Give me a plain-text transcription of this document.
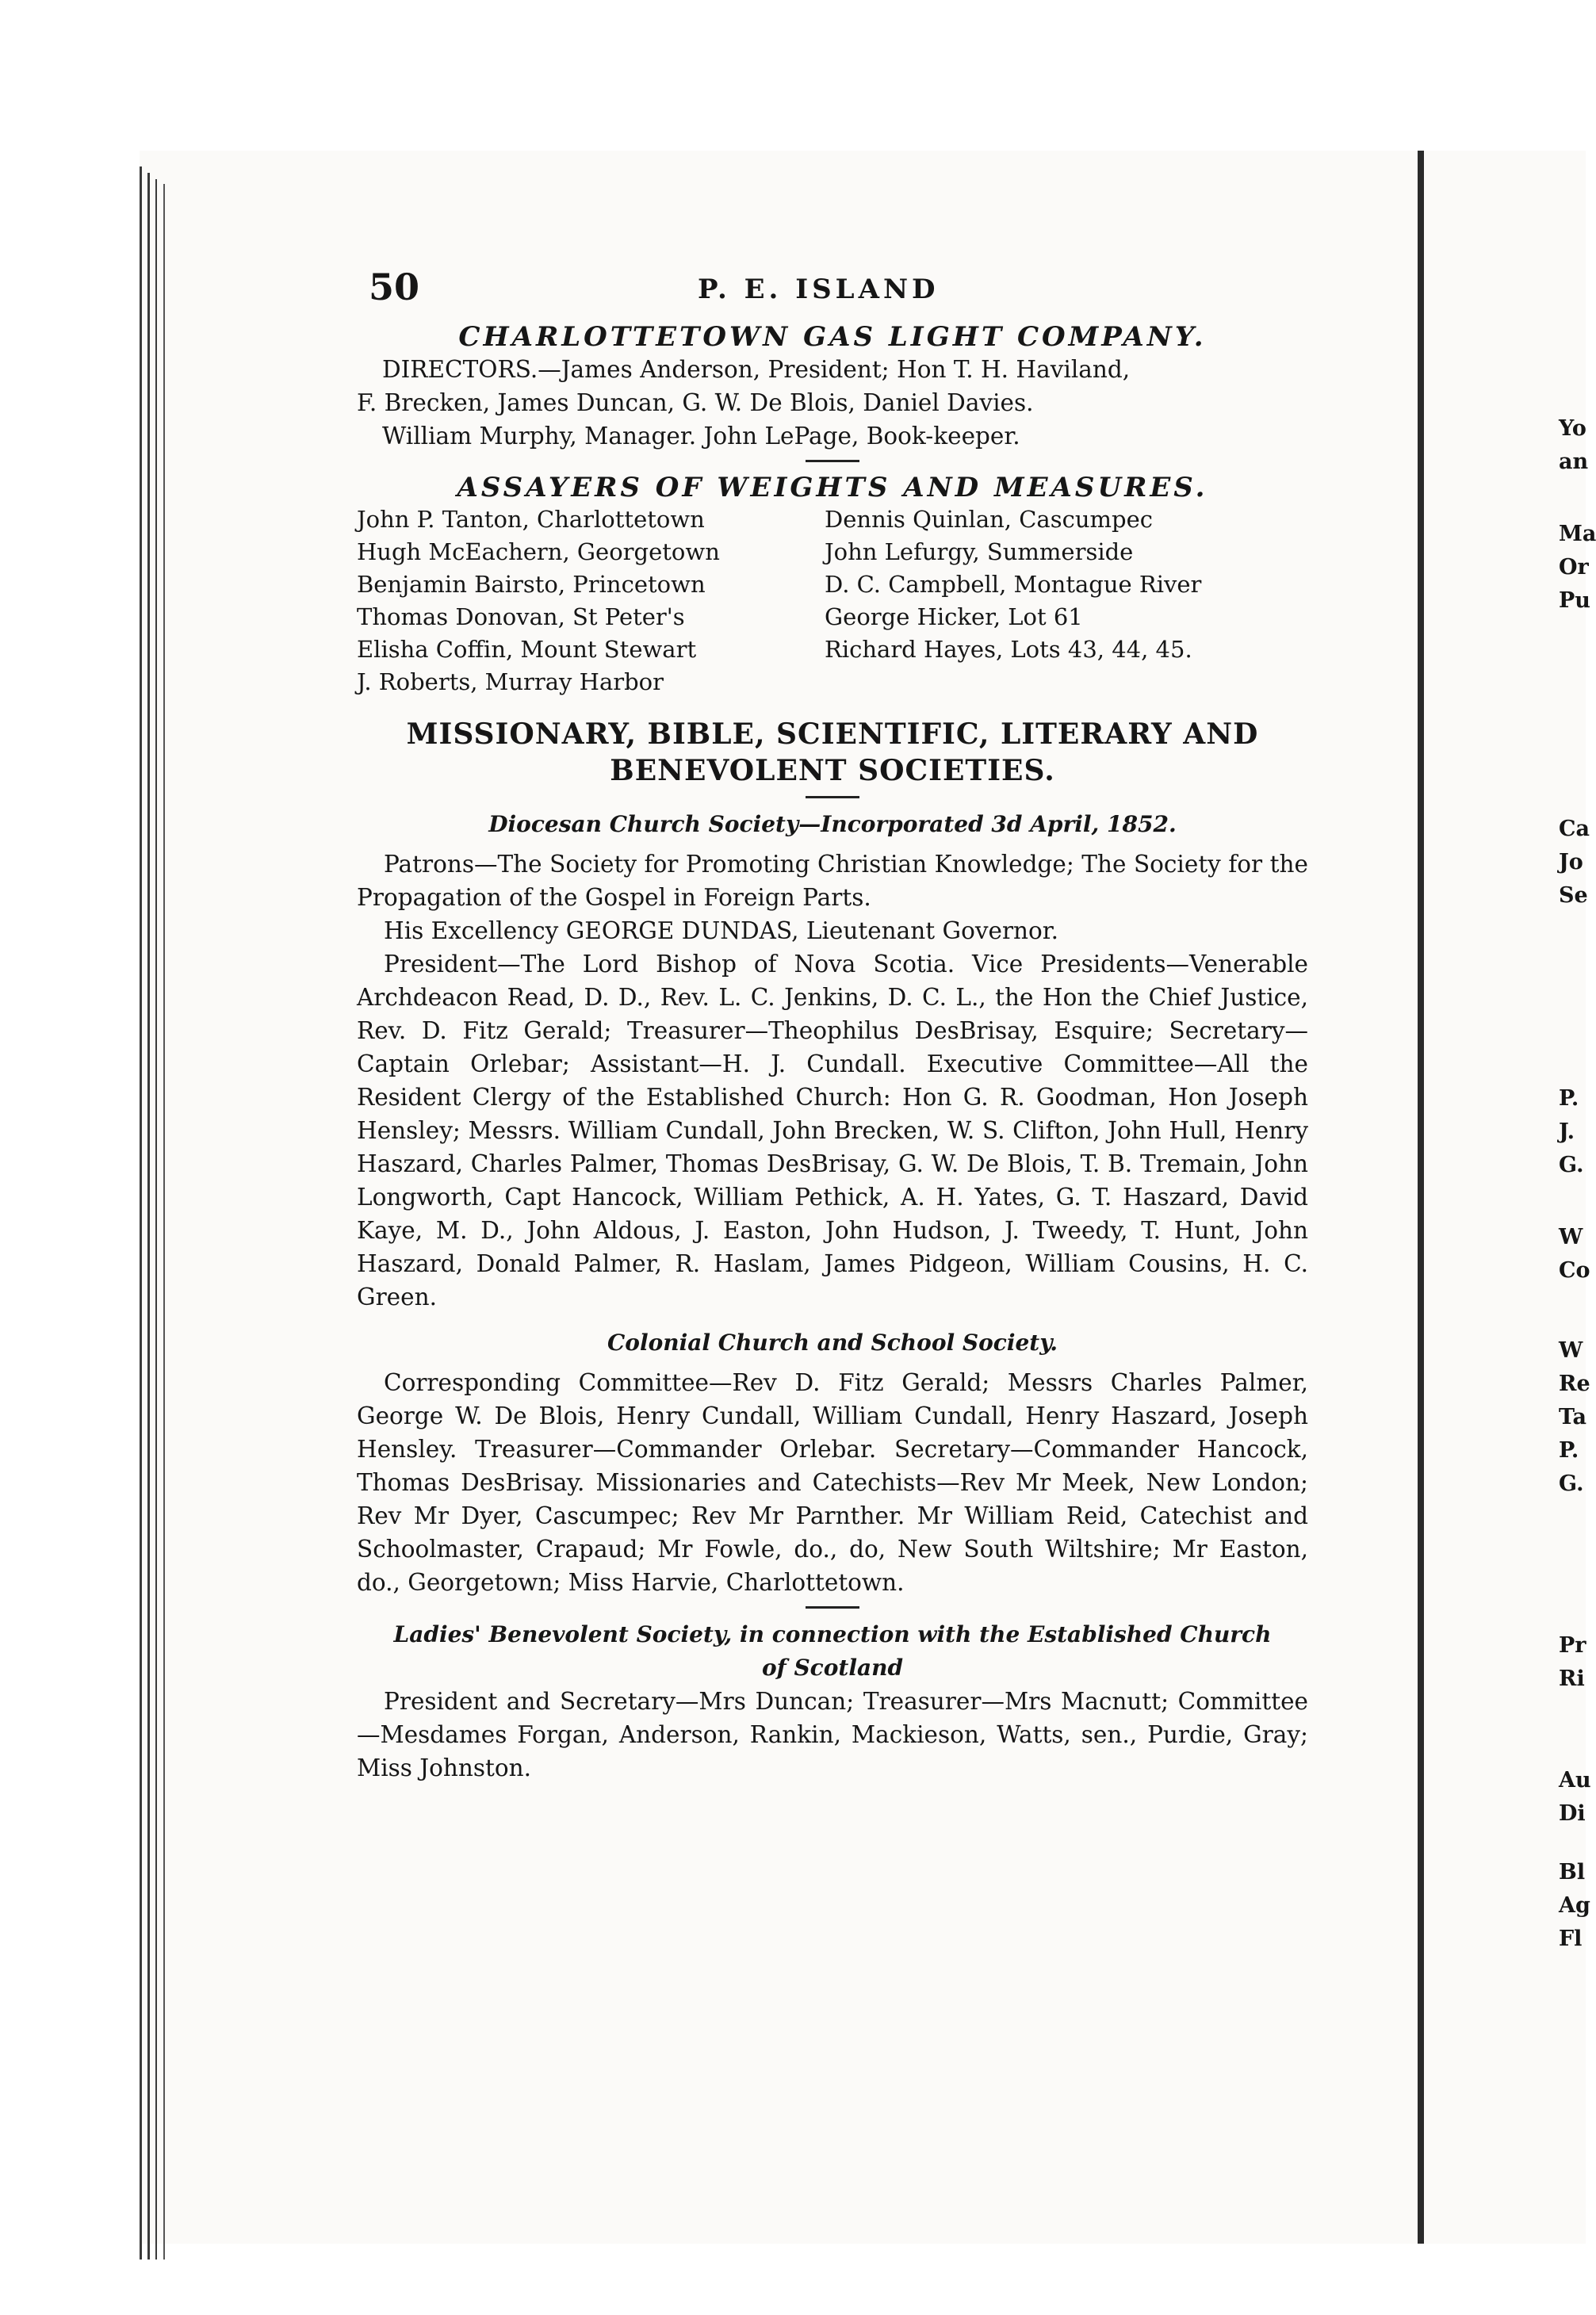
50	P. E. ISLAND
CHARLOTTETOWN GAS LIGHT COMPANY.

DIRECTORS.—James Anderson, President; Hon T. H. Haviland,

F. Brecken, James Duncan, G. W. De Blois, Daniel Davies.

William Murphy, Manager. John LePage, Book-keeper.

ASSAYERS OF WEIGHTS AND MEASURES.
John P. Tanton, Charlottetown	Dennis Quinlan, Cascumpec
Hugh McEachern, Georgetown	John Lefurgy, Summerside
Benjamin Bairsto, Princetown	D. C. Campbell, Montague River
Thomas Donovan, St Peter's	George Hicker, Lot 61
Elisha Coffin, Mount Stewart	Richard Hayes, Lots 43, 44, 45.
J. Roberts, Murray Harbor
MISSIONARY, BIBLE, SCIENTIFIC, LITERARY AND
BENEVOLENT SOCIETIES.
Diocesan Church Society—Incorporated 3d April, 1852.

Patrons—The Society for Promoting Christian Knowledge; The Society for the Propagation of the Gospel in Foreign Parts.

His Excellency GEORGE DUNDAS, Lieutenant Governor.

President—The Lord Bishop of Nova Scotia. Vice Presidents—Venerable Archdeacon Read, D. D., Rev. L. C. Jenkins, D. C. L., the Hon the Chief Justice, Rev. D. Fitz Gerald; Treasurer—Theophilus DesBrisay, Esquire; Secretary—Captain Orlebar; Assistant—H. J. Cundall. Executive Committee—All the Resident Clergy of the Established Church: Hon G. R. Goodman, Hon Joseph Hensley; Messrs. William Cundall, John Brecken, W. S. Clifton, John Hull, Henry Haszard, Charles Palmer, Thomas DesBrisay, G. W. De Blois, T. B. Tremain, John Longworth, Capt Hancock, William Pethick, A. H. Yates, G. T. Haszard, David Kaye, M. D., John Aldous, J. Easton, John Hudson, J. Tweedy, T. Hunt, John Haszard, Donald Palmer, R. Haslam, James Pidgeon, William Cousins, H. C. Green.

Colonial Church and School Society.

Corresponding Committee—Rev D. Fitz Gerald; Messrs Charles Palmer, George W. De Blois, Henry Cundall, William Cundall, Henry Haszard, Joseph Hensley. Treasurer—Commander Orlebar. Secretary—Commander Hancock, Thomas DesBrisay. Missionaries and Catechists—Rev Mr Meek, New London; Rev Mr Dyer, Cascumpec; Rev Mr Parnther. Mr William Reid, Catechist and Schoolmaster, Crapaud; Mr Fowle, do., do, New South Wiltshire; Mr Easton, do., Georgetown; Miss Harvie, Charlottetown.

Ladies' Benevolent Society, in connection with the Established Church
of Scotland

President and Secretary—Mrs Duncan; Treasurer—Mrs Macnutt; Committee—Mesdames Forgan, Anderson, Rankin, Mackieson, Watts, sen., Purdie, Gray; Miss Johnston.

Yo
an
Ma
Or
Pu
Ca
Jo
Se
P.
J.
G.
W
Co
W
Re
Ta
P.
G.
Pr
Ri
Au
Di
Bl
Ag
Fl
